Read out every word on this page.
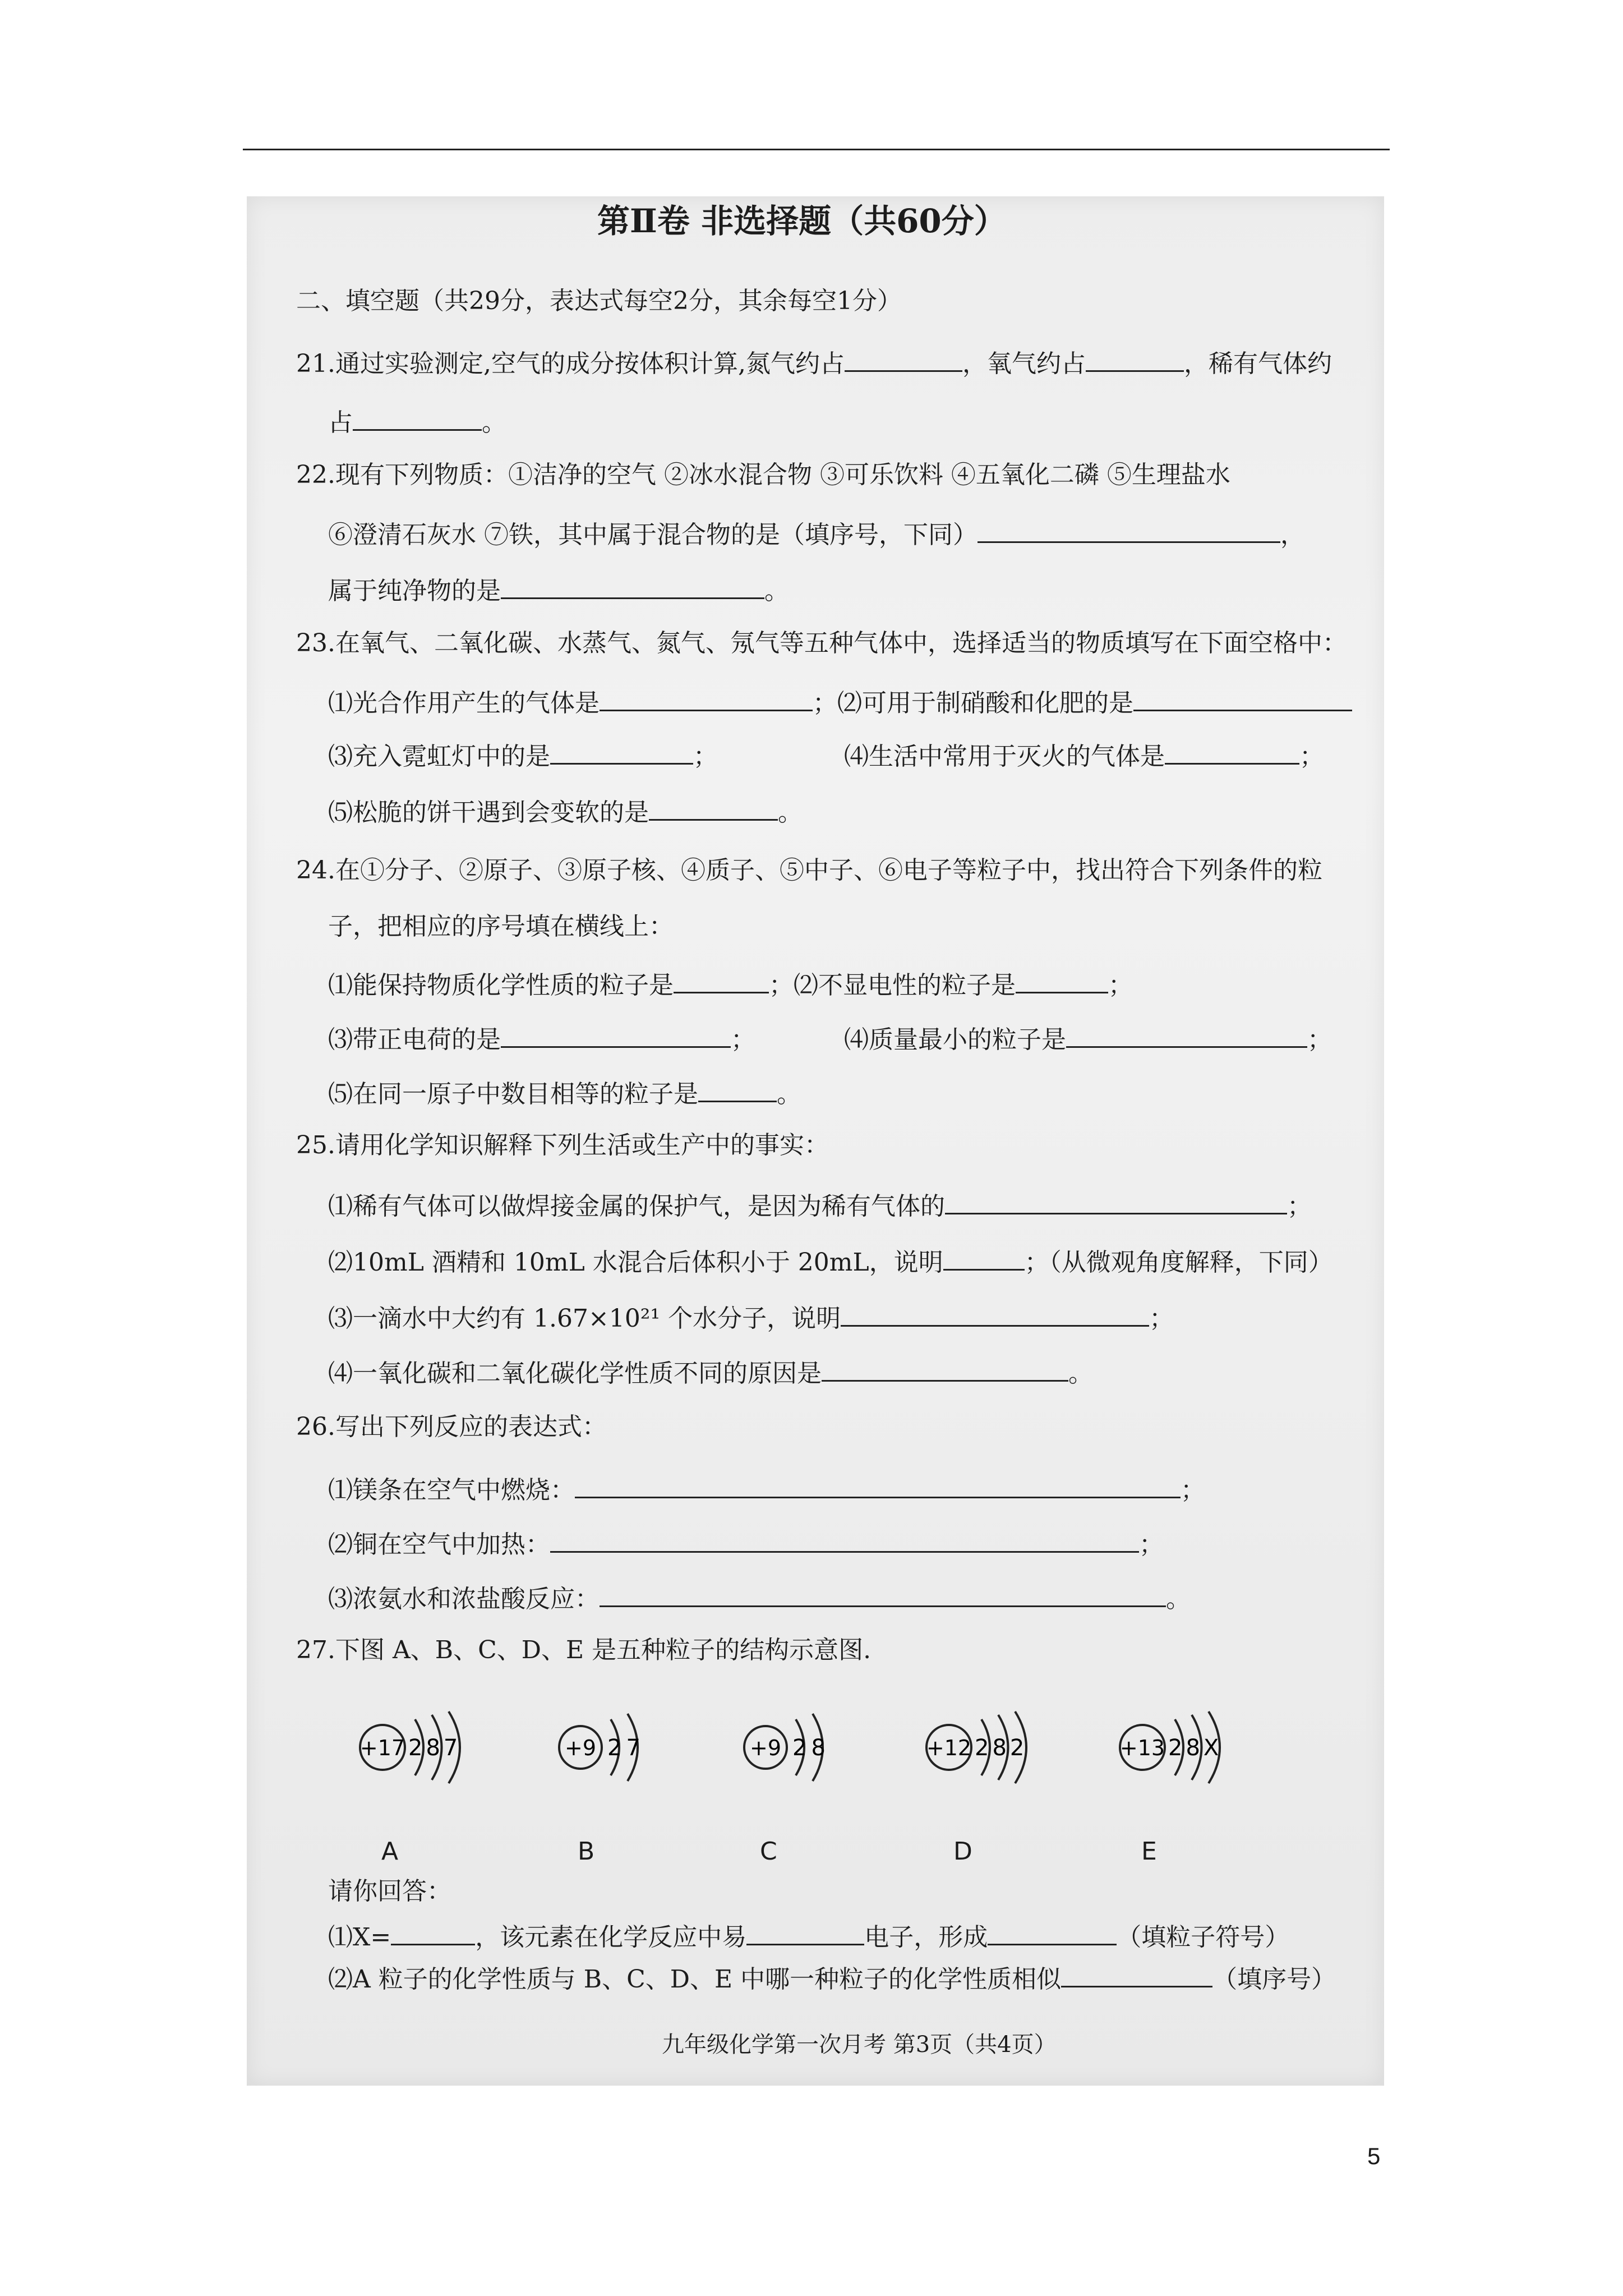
第Ⅱ卷 非选择题（共60分）
二、填空题（共29分，表达式每空2分，其余每空1分）
21.通过实验测定,空气的成分按体积计算,氮气约占	，氧气约占	，稀有气体约
占	。
22.现有下列物质：①洁净的空气 ②冰水混合物 ③可乐饮料 ④五氧化二磷 ⑤生理盐水
⑥澄清石灰水 ⑦铁，其中属于混合物的是（填序号，下同）	，
属于纯净物的是	。
23.在氧气、二氧化碳、水蒸气、氮气、氖气等五种气体中，选择适当的物质填写在下面空格中：
⑴光合作用产生的气体是	；⑵可用于制硝酸和化肥的是
⑶充入霓虹灯中的是	；	⑷生活中常用于灭火的气体是	；
⑸松脆的饼干遇到会变软的是	。
24.在①分子、②原子、③原子核、④质子、⑤中子、⑥电子等粒子中，找出符合下列条件的粒
子，把相应的序号填在横线上：
⑴能保持物质化学性质的粒子是	；⑵不显电性的粒子是	；
⑶带正电荷的是	；	⑷质量最小的粒子是	；
⑸在同一原子中数目相等的粒子是	。
25.请用化学知识解释下列生活或生产中的事实：
⑴稀有气体可以做焊接金属的保护气，是因为稀有气体的	；
⑵10mL 酒精和 10mL 水混合后体积小于 20mL，说明	；（从微观角度解释，下同）
⑶一滴水中大约有 1.67×10²¹ 个水分子，说明	；
⑷一氧化碳和二氧化碳化学性质不同的原因是	。
26.写出下列反应的表达式：
⑴镁条在空气中燃烧：	；
⑵铜在空气中加热：	；
⑶浓氨水和浓盐酸反应：	。
27.下图 A、B、C、D、E 是五种粒子的结构示意图.
+17 287	+9 27	+9 28	+12 282	+13 28X
A	B	C	D	E
请你回答：
⑴X=	，该元素在化学反应中易	电子，形成	（填粒子符号）
⑵A 粒子的化学性质与 B、C、D、E 中哪一种粒子的化学性质相似	（填序号）
九年级化学第一次月考 第3页（共4页）
5
